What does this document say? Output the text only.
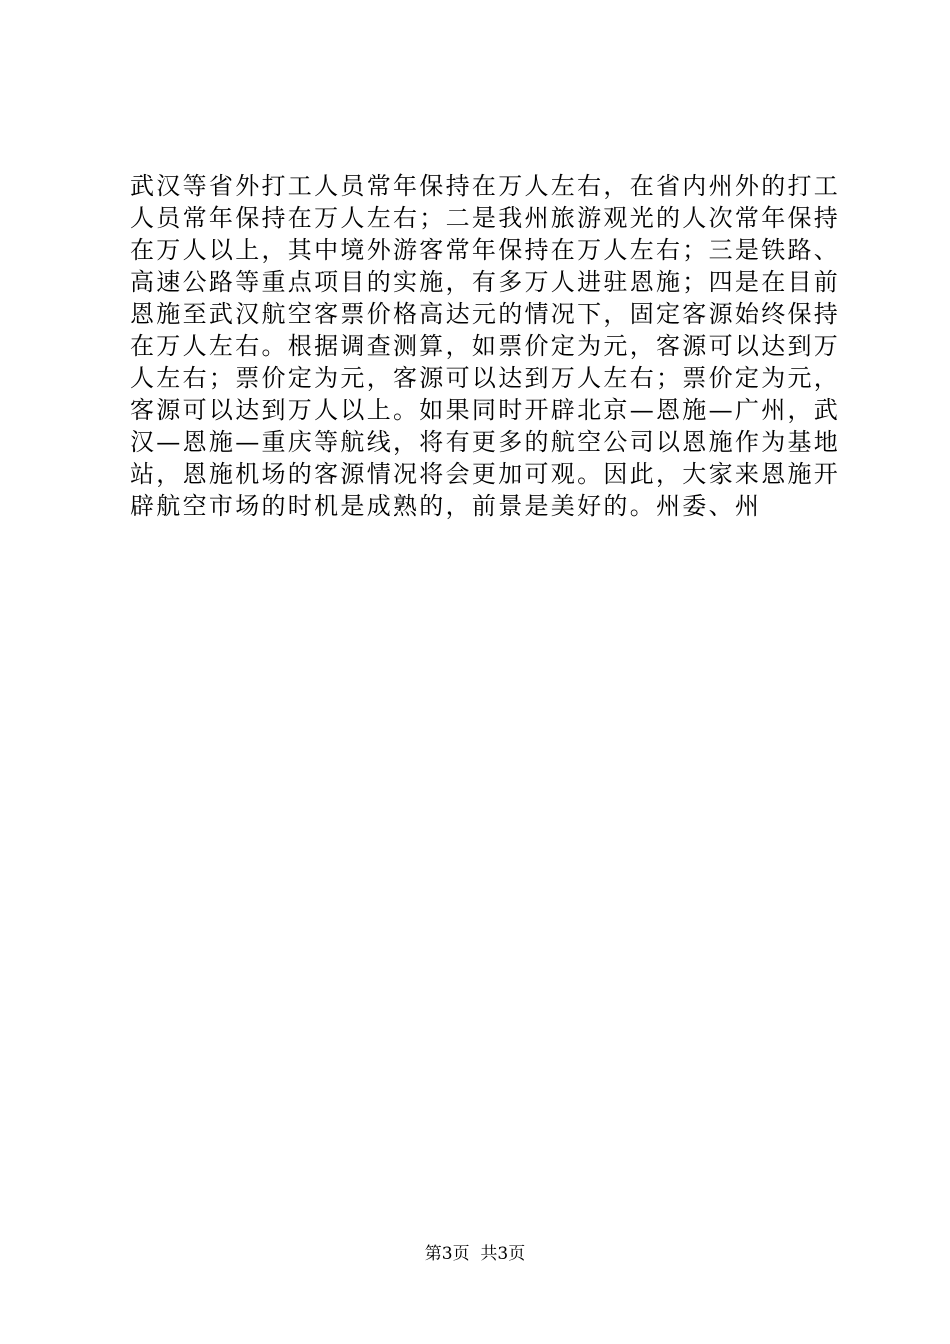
武汉等省外打工人员常年保持在万人左右，在省内州外的打工
人员常年保持在万人左右；二是我州旅游观光的人次常年保持
在万人以上，其中境外游客常年保持在万人左右；三是铁路、
高速公路等重点项目的实施，有多万人进驻恩施；四是在目前
恩施至武汉航空客票价格高达元的情况下，固定客源始终保持
在万人左右。根据调查测算，如票价定为元，客源可以达到万
人左右；票价定为元，客源可以达到万人左右；票价定为元，
客源可以达到万人以上。如果同时开辟北京—恩施—广州，武
汉—恩施—重庆等航线，将有更多的航空公司以恩施作为基地
站，恩施机场的客源情况将会更加可观。因此，大家来恩施开
辟航空市场的时机是成熟的，前景是美好的。州委、州
第3页  共3页
